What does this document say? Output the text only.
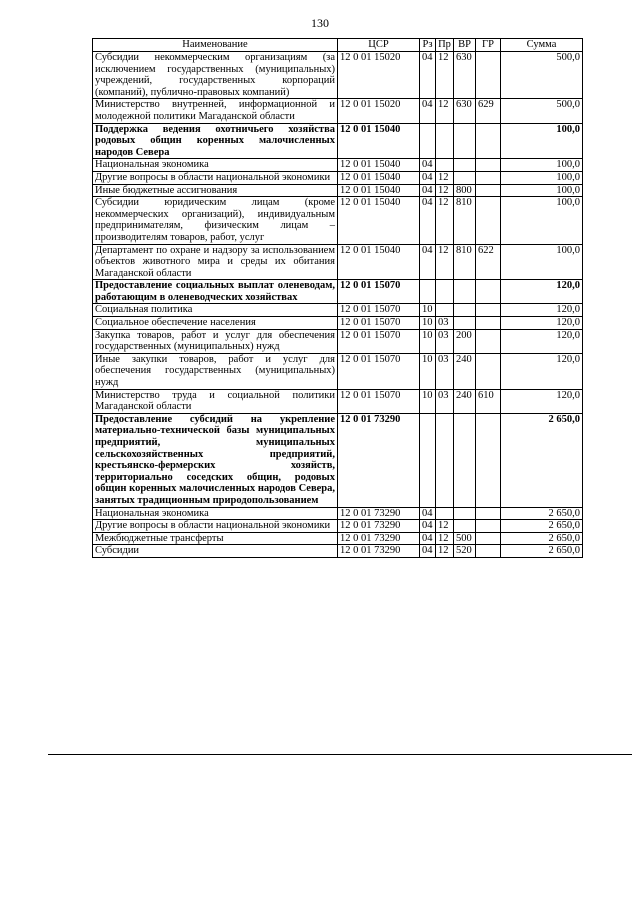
130
Наименование	ЦСР	Рз	Пр	ВР	ГР	Сумма
Субсидии некоммерческим организациям (за исключением государственных (муниципальных) учреждений, государственных корпораций (компаний), публично-правовых компаний)	12 0 01 15020	04	12	630		500,0
Министерство внутренней, информационной и молодежной политики Магаданской области	12 0 01 15020	04	12	630	629	500,0
Поддержка ведения охотничьего хозяйства родовых общин коренных малочисленных народов Севера	12 0 01 15040					100,0
Национальная экономика	12 0 01 15040	04				100,0
Другие вопросы в области национальной экономики	12 0 01 15040	04	12			100,0
Иные бюджетные ассигнования	12 0 01 15040	04	12	800		100,0
Субсидии юридическим лицам (кроме некоммерческих организаций), индивидуальным предпринимателям, физическим лицам – производителям товаров, работ, услуг	12 0 01 15040	04	12	810		100,0
Департамент по охране и надзору за использованием объектов животного мира и среды их обитания Магаданской области	12 0 01 15040	04	12	810	622	100,0
Предоставление социальных выплат оленеводам, работающим в оленеводческих хозяйствах	12 0 01 15070					120,0
Социальная политика	12 0 01 15070	10				120,0
Социальное обеспечение населения	12 0 01 15070	10	03			120,0
Закупка товаров, работ и услуг для обеспечения государственных (муниципальных) нужд	12 0 01 15070	10	03	200		120,0
Иные закупки товаров, работ и услуг для обеспечения государственных (муниципальных) нужд	12 0 01 15070	10	03	240		120,0
Министерство труда и социальной политики Магаданской области	12 0 01 15070	10	03	240	610	120,0
Предоставление субсидий на укрепление материально-технической базы муниципальных предприятий, муниципальных сельскохозяйственных предприятий, крестьянско-фермерских хозяйств, территориально соседских общин, родовых общин коренных малочисленных народов Севера, занятых традиционным природопользованием	12 0 01 73290					2 650,0
Национальная экономика	12 0 01 73290	04				2 650,0
Другие вопросы в области национальной экономики	12 0 01 73290	04	12			2 650,0
Межбюджетные трансферты	12 0 01 73290	04	12	500		2 650,0
Субсидии	12 0 01 73290	04	12	520		2 650,0
